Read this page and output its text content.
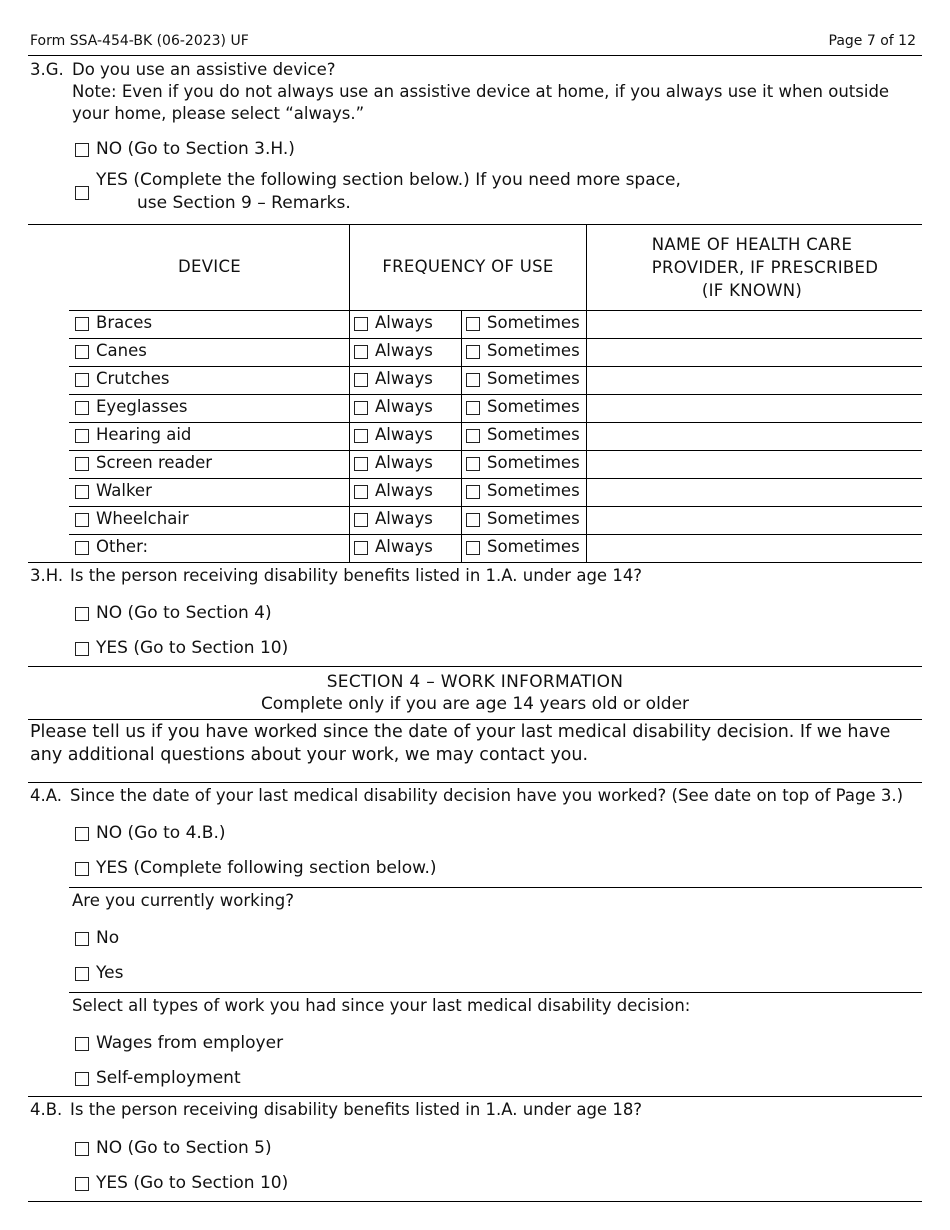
Form SSA-454-BK (06-2023) UF	Page 7 of 12
3.G. Do you use an assistive device?
Note: Even if you do not always use an assistive device at home, if you always use it when outside
your home, please select “always.”
NO (Go to Section 3.H.)
YES (Complete the following section below.) If you need more space,
use Section 9 – Remarks.
DEVICE	FREQUENCY OF USE
NAME OF HEALTH CARE
PROVIDER, IF PRESCRIBED
(IF KNOWN)
Braces	Always	Sometimes
Canes	Always	Sometimes
Crutches	Always	Sometimes
Eyeglasses	Always	Sometimes
Hearing aid	Always	Sometimes
Screen reader	Always	Sometimes
Walker	Always	Sometimes
Wheelchair	Always	Sometimes
Other:	Always	Sometimes
3.H. Is the person receiving disability benefits listed in 1.A. under age 14?
NO (Go to Section 4)
YES (Go to Section 10)
SECTION 4 – WORK INFORMATION
Complete only if you are age 14 years old or older
Please tell us if you have worked since the date of your last medical disability decision. If we have
any additional questions about your work, we may contact you.
4.A. Since the date of your last medical disability decision have you worked? (See date on top of Page 3.)
NO (Go to 4.B.)
YES (Complete following section below.)
Are you currently working?
No
Yes
Select all types of work you had since your last medical disability decision:
Wages from employer
Self-employment
4.B. Is the person receiving disability benefits listed in 1.A. under age 18?
NO (Go to Section 5)
YES (Go to Section 10)
